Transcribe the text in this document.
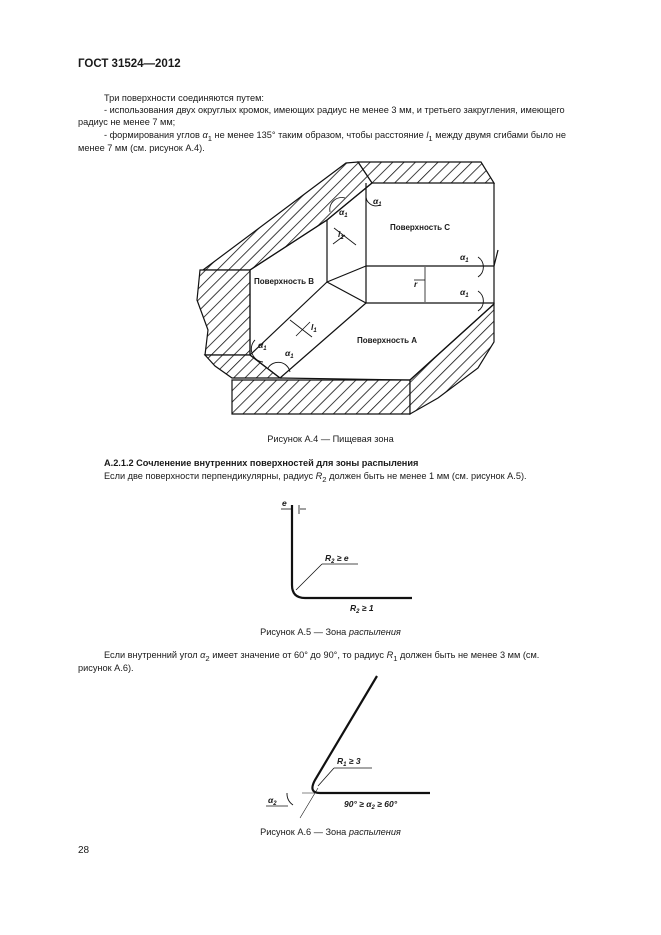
ГОСТ 31524—2012
Три поверхности соединяются путем:
- использования двух округлых кромок, имеющих радиус не менее 3 мм, и третьего закругления, имеющего
радиус не менее 7 мм;
- формирования углов $\alpha_1$ не менее 135° таким образом, чтобы расстояние $l_1$ между двумя сгибами было не
менее 7 мм (см. рисунок А.4).
$\alpha_1$
$\alpha_1$
$\alpha_1$
$\alpha_1$
$\alpha_1$ $\alpha_1$
$l_1$
$l_1$
r
Поверхность C
Поверхность B
Поверхность A
Рисунок А.4 — Пищевая зона
А.2.1.2 Сочленение внутренних поверхностей для зоны распыления
Если две поверхности перпендикулярны, радиус $R_2$ должен быть не менее 1 мм (см. рисунок А.5).
e
$R_2 \ge e$
$R_2 \ge 1$
Рисунок А.5 — Зона распыления
Если внутренний угол $\alpha_2$ имеет значение от 60° до 90°, то радиус $R_1$ должен быть не менее 3 мм (см.
рисунок А.6).
$R_1 \ge 3$
$\alpha_2$	$90^\circ \ge \alpha_2 \ge 60^\circ$
Рисунок А.6 — Зона распыления
28
